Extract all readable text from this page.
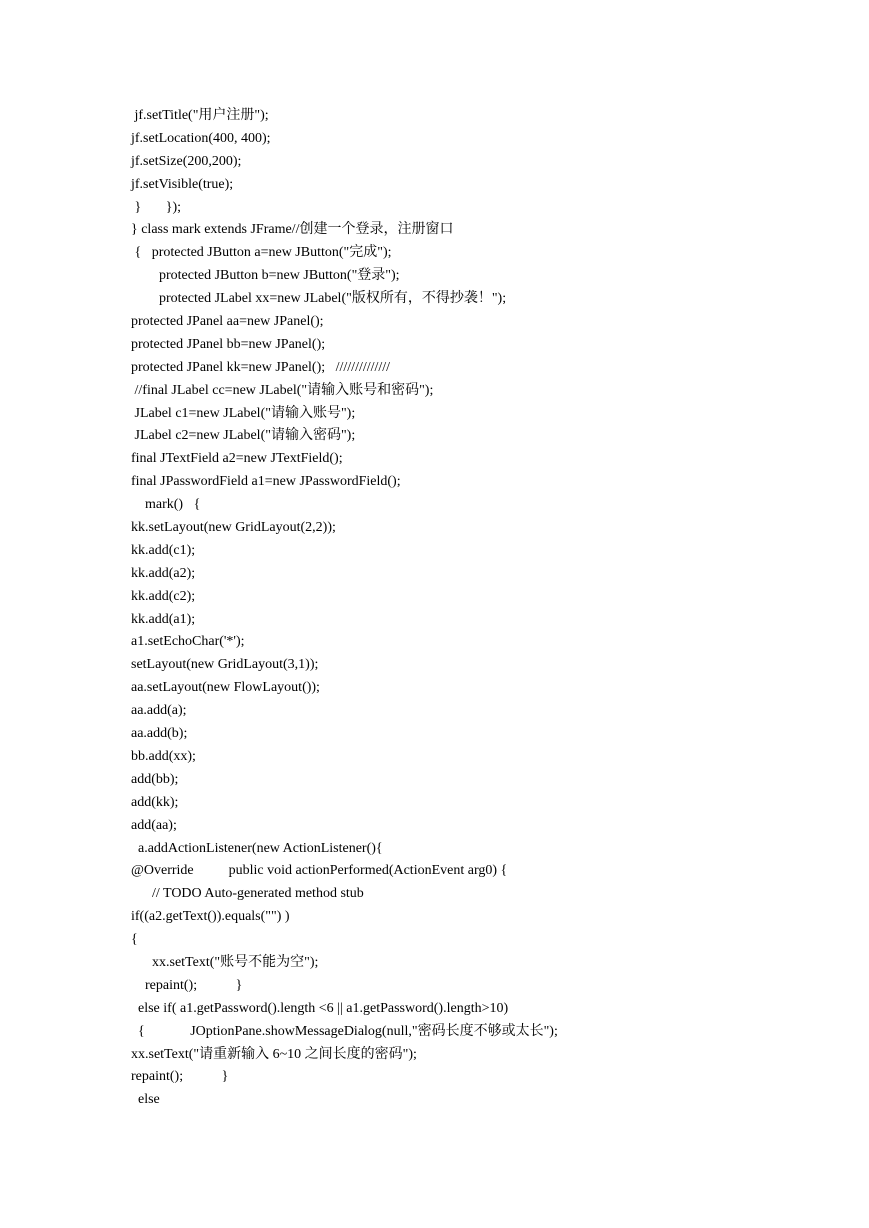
jf.setTitle("用户注册");
jf.setLocation(400, 400);
jf.setSize(200,200);
jf.setVisible(true);
}       });
} class mark extends JFrame//创建一个登录，注册窗口
{   protected JButton a=new JButton("完成");
protected JButton b=new JButton("登录");
protected JLabel xx=new JLabel("版权所有，不得抄袭！");
protected JPanel aa=new JPanel();
protected JPanel bb=new JPanel();
protected JPanel kk=new JPanel();   //////////////
//final JLabel cc=new JLabel("请输入账号和密码");
JLabel c1=new JLabel("请输入账号");
JLabel c2=new JLabel("请输入密码");
final JTextField a2=new JTextField();
final JPasswordField a1=new JPasswordField();
mark()   {
kk.setLayout(new GridLayout(2,2));
kk.add(c1);
kk.add(a2);
kk.add(c2);
kk.add(a1);
a1.setEchoChar('*');
setLayout(new GridLayout(3,1));
aa.setLayout(new FlowLayout());
aa.add(a);
aa.add(b);
bb.add(xx);
add(bb);
add(kk);
add(aa);
a.addActionListener(new ActionListener(){
@Override          public void actionPerformed(ActionEvent arg0) {
// TODO Auto-generated method stub
if((a2.getText()).equals("") )
{
xx.setText("账号不能为空");
repaint();           }
else if( a1.getPassword().length <6 || a1.getPassword().length>10)
{             JOptionPane.showMessageDialog(null,"密码长度不够或太长");
xx.setText("请重新输入 6~10 之间长度的密码");
repaint();           }
else
